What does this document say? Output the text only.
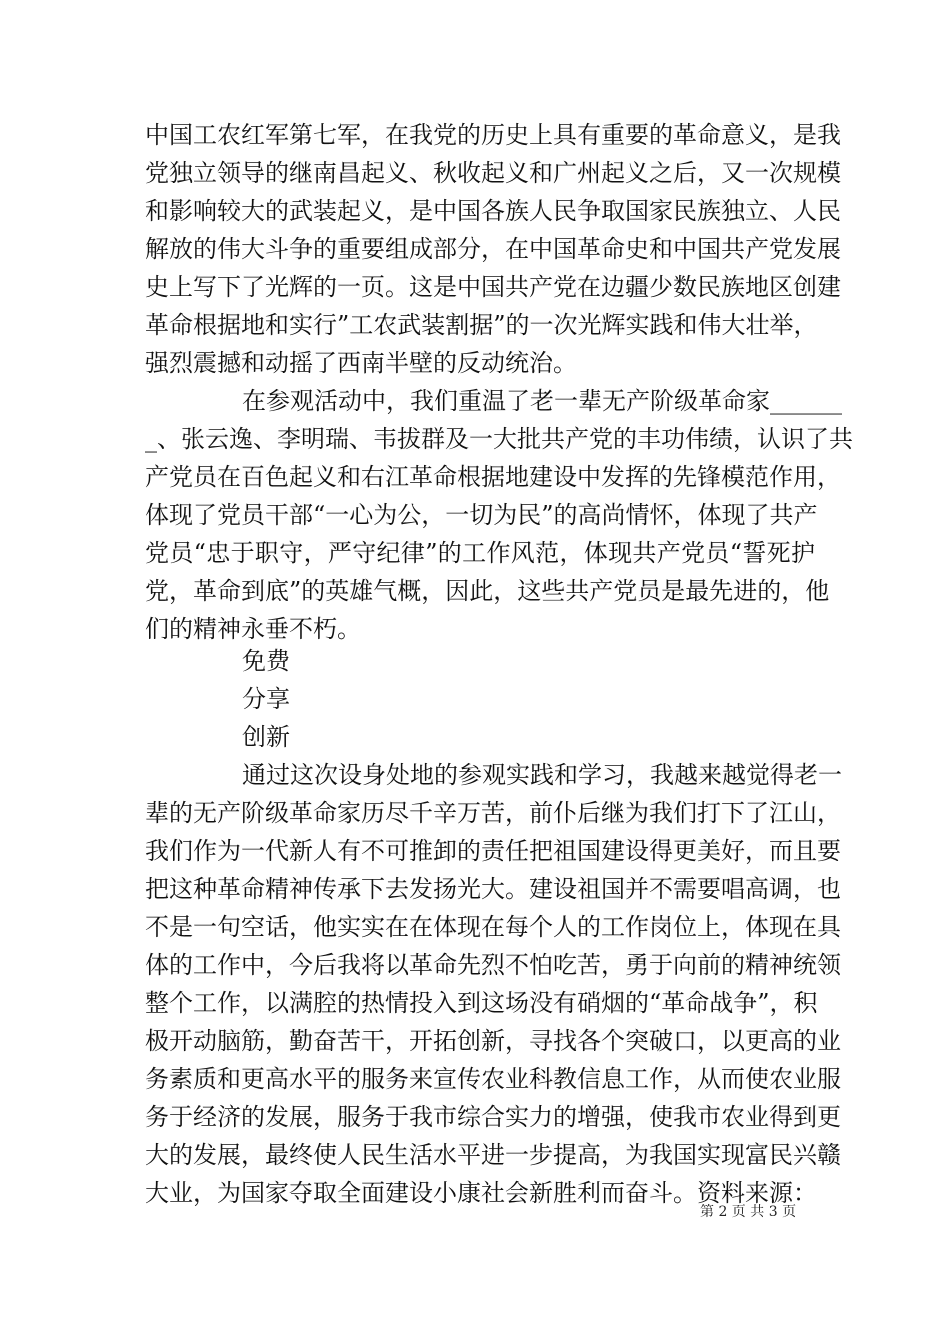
中国工农红军第七军，在我党的历史上具有重要的革命意义，是我
党独立领导的继南昌起义、秋收起义和广州起义之后，又一次规模
和影响较大的武装起义，是中国各族人民争取国家民族独立、人民
解放的伟大斗争的重要组成部分，在中国革命史和中国共产党发展
史上写下了光辉的一页。这是中国共产党在边疆少数民族地区创建
革命根据地和实行”工农武装割据”的一次光辉实践和伟大壮举，
强烈震撼和动摇了西南半壁的反动统治。
在参观活动中，我们重温了老一辈无产阶级革命家______
_、张云逸、李明瑞、韦拔群及一大批共产党的丰功伟绩，认识了共
产党员在百色起义和右江革命根据地建设中发挥的先锋模范作用，
体现了党员干部“一心为公，一切为民”的高尚情怀，体现了共产
党员“忠于职守，严守纪律”的工作风范，体现共产党员“誓死护
党，革命到底”的英雄气概，因此，这些共产党员是最先进的，他
们的精神永垂不朽。
免费
分享
创新
通过这次设身处地的参观实践和学习，我越来越觉得老一
辈的无产阶级革命家历尽千辛万苦，前仆后继为我们打下了江山，
我们作为一代新人有不可推卸的责任把祖国建设得更美好，而且要
把这种革命精神传承下去发扬光大。建设祖国并不需要唱高调，也
不是一句空话，他实实在在体现在每个人的工作岗位上，体现在具
体的工作中，今后我将以革命先烈不怕吃苦，勇于向前的精神统领
整个工作，以满腔的热情投入到这场没有硝烟的“革命战争”，积
极开动脑筋，勤奋苦干，开拓创新，寻找各个突破口，以更高的业
务素质和更高水平的服务来宣传农业科教信息工作，从而使农业服
务于经济的发展，服务于我市综合实力的增强，使我市农业得到更
大的发展，最终使人民生活水平进一步提高，为我国实现富民兴赣
大业，为国家夺取全面建设小康社会新胜利而奋斗。资料来源：
第 2 页 共 3 页
